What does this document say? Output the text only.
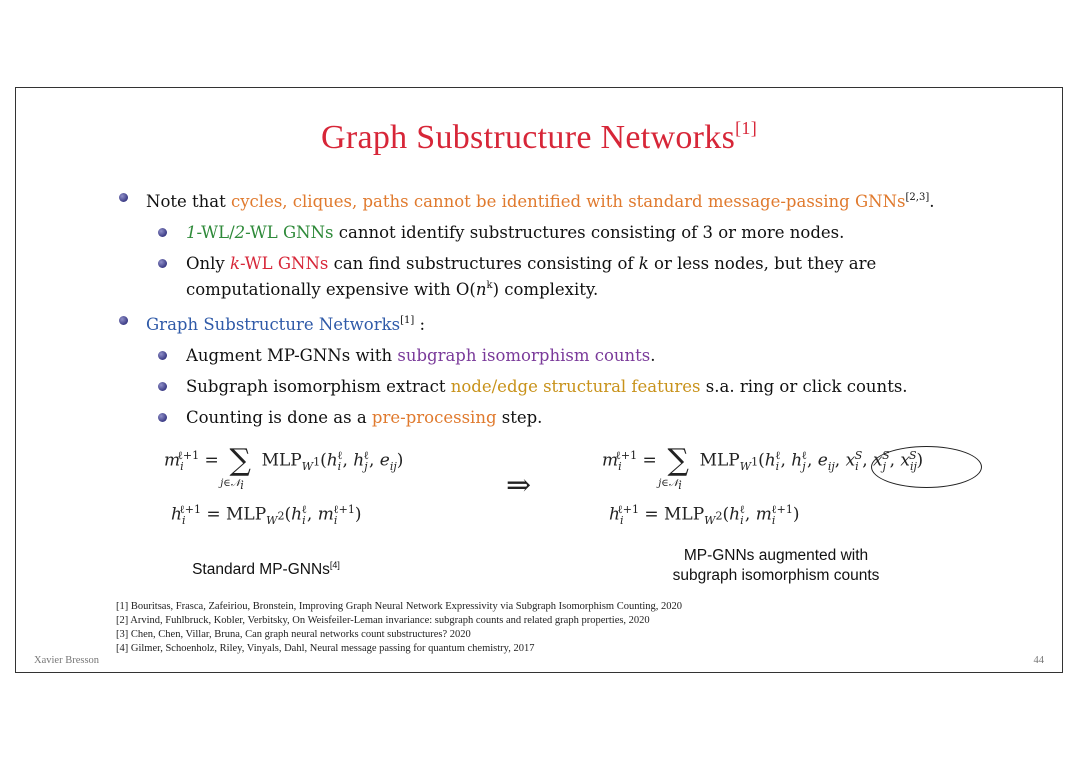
Graph Substructure Networks[1]
Note that cycles, cliques, paths cannot be identified with standard message-passing GNNs[2,3].
1-WL/2-WL GNNs cannot identify substructures consisting of 3 or more nodes.
Only k-WL GNNs can find substructures consisting of k or less nodes, but they are computationally expensive with $O(n^k)$ complexity.
Graph Substructure Networks[1] :
Augment MP-GNNs with subgraph isomorphism counts.
Subgraph isomorphism extract node/edge structural features s.a. ring or click counts.
Counting is done as a pre-processing step.
$m_i^{\ell+1}$ = ∑
j∈𝒩$_i$
$MLP_{W^1}(h_i^\ell$, $h_j^\ell$, $e_{ij}$)
$h_i^{\ell+1} = MLP_{W^2}(h_i^\ell$, $m_i^{\ell+1}$)
⇒
$m_i^{\ell+1}$ = ∑
j∈𝒩$_i$
$MLP_{W^1}(h_i^\ell$, $h_j^\ell$, $e_{ij}$, $x_i^S$, $x_j^S$, $x_{ij}^S$)
$h_i^{\ell+1} = MLP_{W^2}(h_i^\ell$, $m_i^{\ell+1}$)
Standard MP-GNNs[4]
MP-GNNs augmented with
subgraph isomorphism counts
[1] Bouritsas, Frasca, Zafeiriou, Bronstein, Improving Graph Neural Network Expressivity via Subgraph Isomorphism Counting, 2020
[2] Arvind, Fuhlbruck, Kobler, Verbitsky, On Weisfeiler-Leman invariance: subgraph counts and related graph properties, 2020
[3] Chen, Chen, Villar, Bruna, Can graph neural networks count substructures? 2020
[4] Gilmer, Schoenholz, Riley, Vinyals, Dahl, Neural message passing for quantum chemistry, 2017
Xavier Bresson	44
